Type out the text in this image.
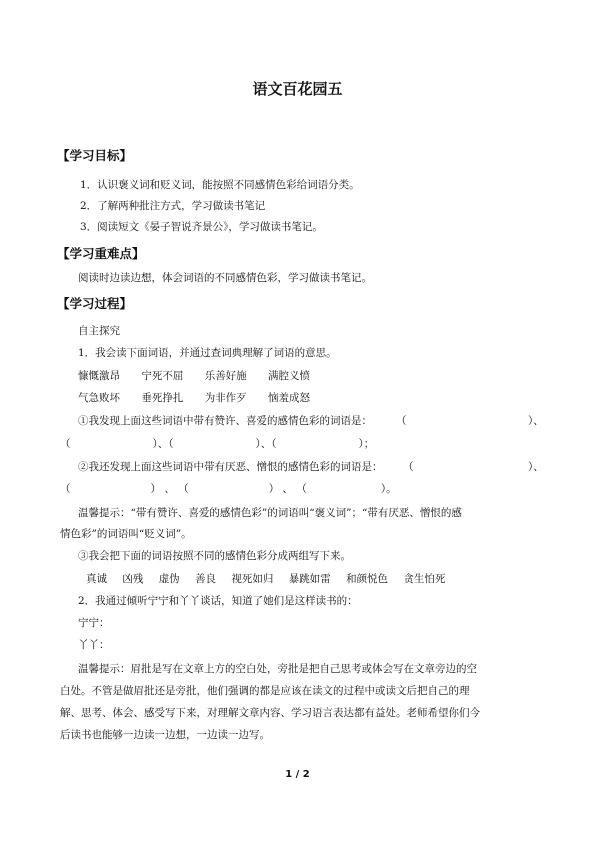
语文百花园五
【学习目标】
1．认识褒义词和贬义词，能按照不同感情色彩给词语分类。
2．了解两种批注方式，学习做读书笔记
3．阅读短文《晏子智说齐景公》，学习做读书笔记。
【学习重难点】
阅读时边读边想，体会词语的不同感情色彩，学习做读书笔记。
【学习过程】
自主探究
1．我会读下面词语，并通过查词典理解了词语的意思。
慷慨激昂 宁死不屈 乐善好施 满腔义愤
气急败坏 垂死挣扎 为非作歹 恼羞成怒
①我发现上面这些词语中带有赞许、喜爱的感情色彩的词语是： （	）、
（	）、（	）、（	）；
②我还发现上面这些词语中带有厌恶、憎恨的感情色彩的词语是： （	）、
（	） 、 （	） 、 （	）。
温馨提示：“带有赞许、喜爱的感情色彩”的词语叫“褒义词”；“带有厌恶、憎恨的感
情色彩”的词语叫“贬义词”。
③我会把下面的词语按照不同的感情色彩分成两组写下来。
真诚 凶残 虚伪 善良 视死如归 暴跳如雷 和颜悦色 贪生怕死
2．我通过倾听宁宁和丫丫谈话，知道了她们是这样读书的：
宁宁：
丫丫：
温馨提示：眉批是写在文章上方的空白处，旁批是把自己思考或体会写在文章旁边的空
白处。不管是做眉批还是旁批，他们强调的都是应该在读文的过程中或读文后把自己的理
解、思考、体会、感受写下来，对理解文章内容、学习语言表达都有益处。老师希望你们今
后读书也能够一边读一边想，一边读一边写。
1 / 2
